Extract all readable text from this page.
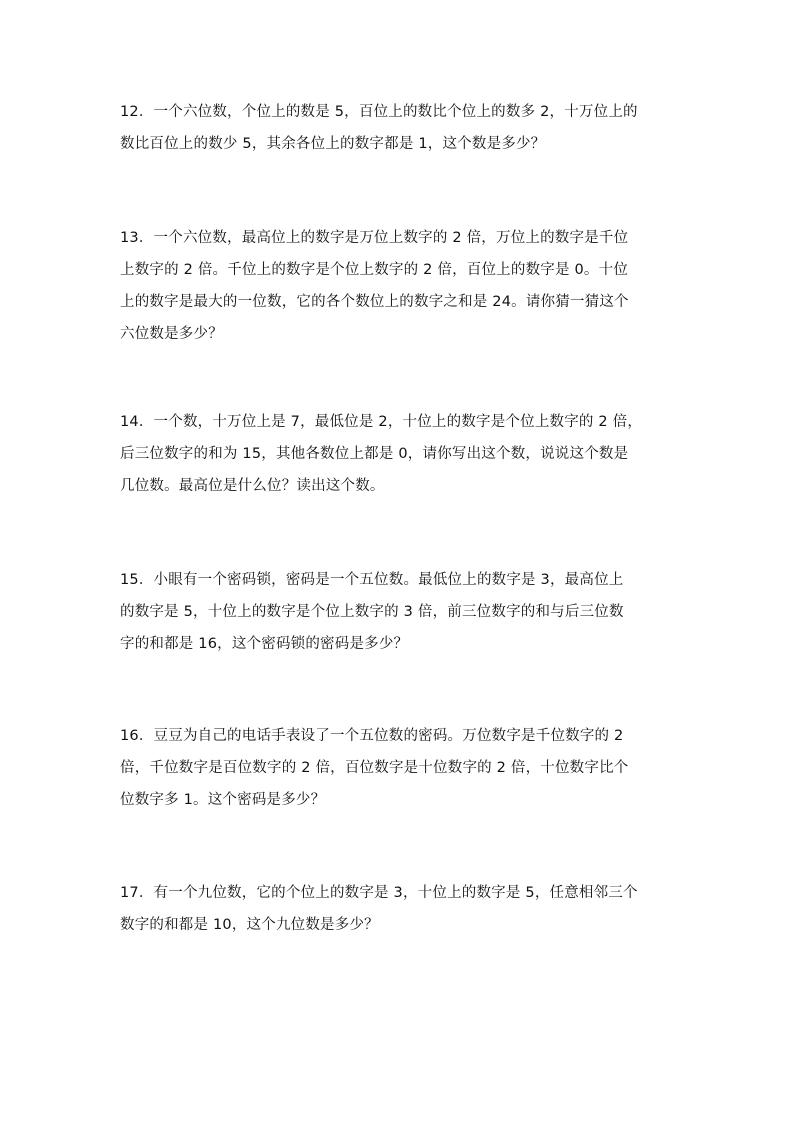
12．一个六位数，个位上的数是 5，百位上的数比个位上的数多 2，十万位上的
数比百位上的数少 5，其余各位上的数字都是 1，这个数是多少？
13．一个六位数，最高位上的数字是万位上数字的 2 倍，万位上的数字是千位
上数字的 2 倍。千位上的数字是个位上数字的 2 倍，百位上的数字是 0。十位
上的数字是最大的一位数，它的各个数位上的数字之和是 24。请你猜一猜这个
六位数是多少？
14．一个数，十万位上是 7，最低位是 2，十位上的数字是个位上数字的 2 倍，
后三位数字的和为 15，其他各数位上都是 0，请你写出这个数，说说这个数是
几位数。最高位是什么位？读出这个数。
15．小眼有一个密码锁，密码是一个五位数。最低位上的数字是 3，最高位上
的数字是 5，十位上的数字是个位上数字的 3 倍，前三位数字的和与后三位数
字的和都是 16，这个密码锁的密码是多少？
16．豆豆为自己的电话手表设了一个五位数的密码。万位数字是千位数字的 2
倍，千位数字是百位数字的 2 倍，百位数字是十位数字的 2 倍，十位数字比个
位数字多 1。这个密码是多少？
17．有一个九位数，它的个位上的数字是 3，十位上的数字是 5，任意相邻三个
数字的和都是 10，这个九位数是多少？
